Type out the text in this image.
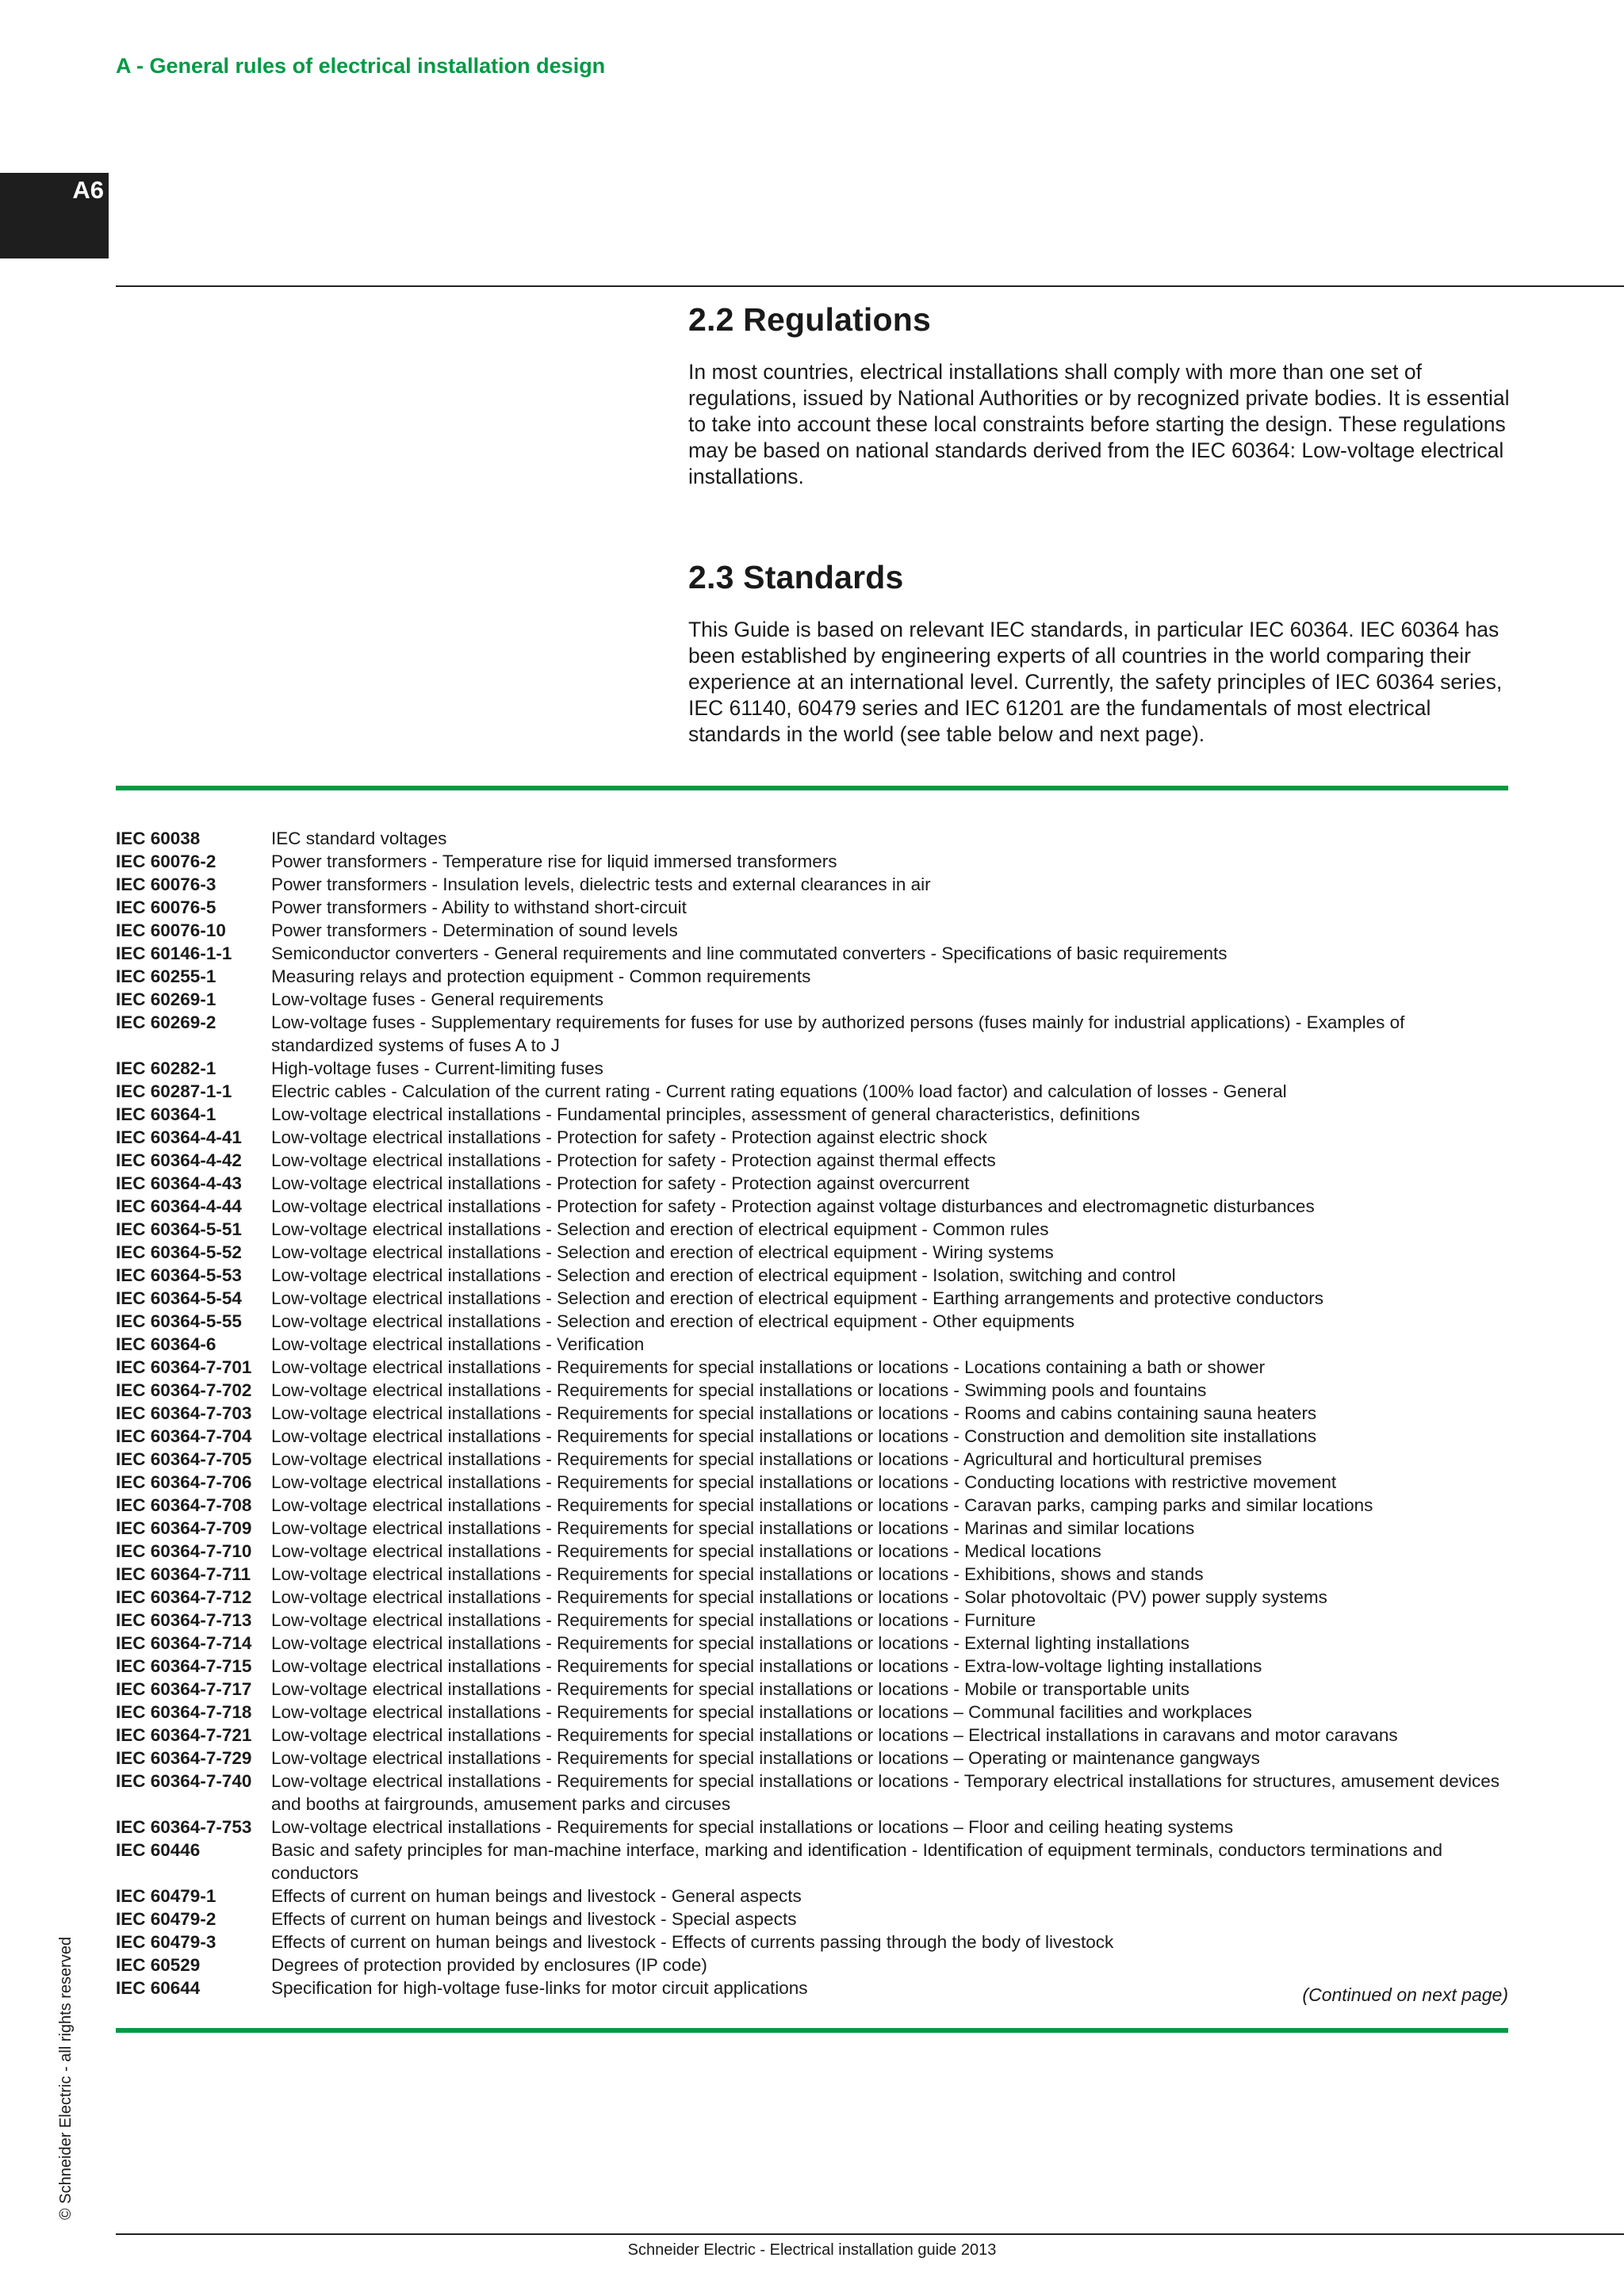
A - General rules of electrical installation design
A6
2.2 Regulations

In most countries, electrical installations shall comply with more than one set of regulations, issued by National Authorities or by recognized private bodies. It is essential to take into account these local constraints before starting the design. These regulations may be based on national standards derived from the IEC 60364: Low-voltage electrical installations.

2.3 Standards

This Guide is based on relevant IEC standards, in particular IEC 60364. IEC 60364 has been established by engineering experts of all countries in the world comparing their experience at an international level. Currently, the safety principles of IEC 60364 series, IEC 61140, 60479 series and IEC 61201 are the fundamentals of most electrical standards in the world (see table below and next page).

IEC 60038	IEC standard voltages
IEC 60076-2	Power transformers - Temperature rise for liquid immersed transformers
IEC 60076-3	Power transformers - Insulation levels, dielectric tests and external clearances in air
IEC 60076-5	Power transformers - Ability to withstand short-circuit
IEC 60076-10	Power transformers - Determination of sound levels
IEC 60146-1-1	Semiconductor converters - General requirements and line commutated converters - Specifications of basic requirements
IEC 60255-1	Measuring relays and protection equipment - Common requirements
IEC 60269-1	Low-voltage fuses - General requirements
IEC 60269-2	Low-voltage fuses - Supplementary requirements for fuses for use by authorized persons (fuses mainly for industrial applications) - Examples of standardized systems of fuses A to J
IEC 60282-1	High-voltage fuses - Current-limiting fuses
IEC 60287-1-1	Electric cables - Calculation of the current rating - Current rating equations (100% load factor) and calculation of losses - General
IEC 60364-1	Low-voltage electrical installations - Fundamental principles, assessment of general characteristics, definitions
IEC 60364-4-41	Low-voltage electrical installations - Protection for safety - Protection against electric shock
IEC 60364-4-42	Low-voltage electrical installations - Protection for safety - Protection against thermal effects
IEC 60364-4-43	Low-voltage electrical installations - Protection for safety - Protection against overcurrent
IEC 60364-4-44	Low-voltage electrical installations - Protection for safety - Protection against voltage disturbances and electromagnetic disturbances
IEC 60364-5-51	Low-voltage electrical installations - Selection and erection of electrical equipment - Common rules
IEC 60364-5-52	Low-voltage electrical installations - Selection and erection of electrical equipment - Wiring systems
IEC 60364-5-53	Low-voltage electrical installations - Selection and erection of electrical equipment - Isolation, switching and control
IEC 60364-5-54	Low-voltage electrical installations - Selection and erection of electrical equipment - Earthing arrangements and protective conductors
IEC 60364-5-55	Low-voltage electrical installations - Selection and erection of electrical equipment - Other equipments
IEC 60364-6	Low-voltage electrical installations - Verification
IEC 60364-7-701	Low-voltage electrical installations - Requirements for special installations or locations - Locations containing a bath or shower
IEC 60364-7-702	Low-voltage electrical installations - Requirements for special installations or locations - Swimming pools and fountains
IEC 60364-7-703	Low-voltage electrical installations - Requirements for special installations or locations - Rooms and cabins containing sauna heaters
IEC 60364-7-704	Low-voltage electrical installations - Requirements for special installations or locations - Construction and demolition site installations
IEC 60364-7-705	Low-voltage electrical installations - Requirements for special installations or locations - Agricultural and horticultural premises
IEC 60364-7-706	Low-voltage electrical installations - Requirements for special installations or locations - Conducting locations with restrictive movement
IEC 60364-7-708	Low-voltage electrical installations - Requirements for special installations or locations - Caravan parks, camping parks and similar locations
IEC 60364-7-709	Low-voltage electrical installations - Requirements for special installations or locations - Marinas and similar locations
IEC 60364-7-710	Low-voltage electrical installations - Requirements for special installations or locations - Medical locations
IEC 60364-7-711	Low-voltage electrical installations - Requirements for special installations or locations - Exhibitions, shows and stands
IEC 60364-7-712	Low-voltage electrical installations - Requirements for special installations or locations - Solar photovoltaic (PV) power supply systems
IEC 60364-7-713	Low-voltage electrical installations - Requirements for special installations or locations - Furniture
IEC 60364-7-714	Low-voltage electrical installations - Requirements for special installations or locations - External lighting installations
IEC 60364-7-715	Low-voltage electrical installations - Requirements for special installations or locations - Extra-low-voltage lighting installations
IEC 60364-7-717	Low-voltage electrical installations - Requirements for special installations or locations - Mobile or transportable units
IEC 60364-7-718	Low-voltage electrical installations - Requirements for special installations or locations – Communal facilities and workplaces
IEC 60364-7-721	Low-voltage electrical installations - Requirements for special installations or locations – Electrical installations in caravans and motor caravans
IEC 60364-7-729	Low-voltage electrical installations - Requirements for special installations or locations – Operating or maintenance gangways
IEC 60364-7-740	Low-voltage electrical installations - Requirements for special installations or locations - Temporary electrical installations for structures, amusement devices and booths at fairgrounds, amusement parks and circuses
IEC 60364-7-753	Low-voltage electrical installations - Requirements for special installations or locations – Floor and ceiling heating systems
IEC 60446	Basic and safety principles for man-machine interface, marking and identification - Identification of equipment terminals, conductors terminations and conductors
IEC 60479-1	Effects of current on human beings and livestock - General aspects
IEC 60479-2	Effects of current on human beings and livestock - Special aspects
IEC 60479-3	Effects of current on human beings and livestock - Effects of currents passing through the body of livestock
IEC 60529	Degrees of protection provided by enclosures (IP code)
IEC 60644	Specification for high-voltage fuse-links for motor circuit applications	(Continued on next page)
© Schneider Electric - all rights reserved
Schneider Electric - Electrical installation guide 2013
